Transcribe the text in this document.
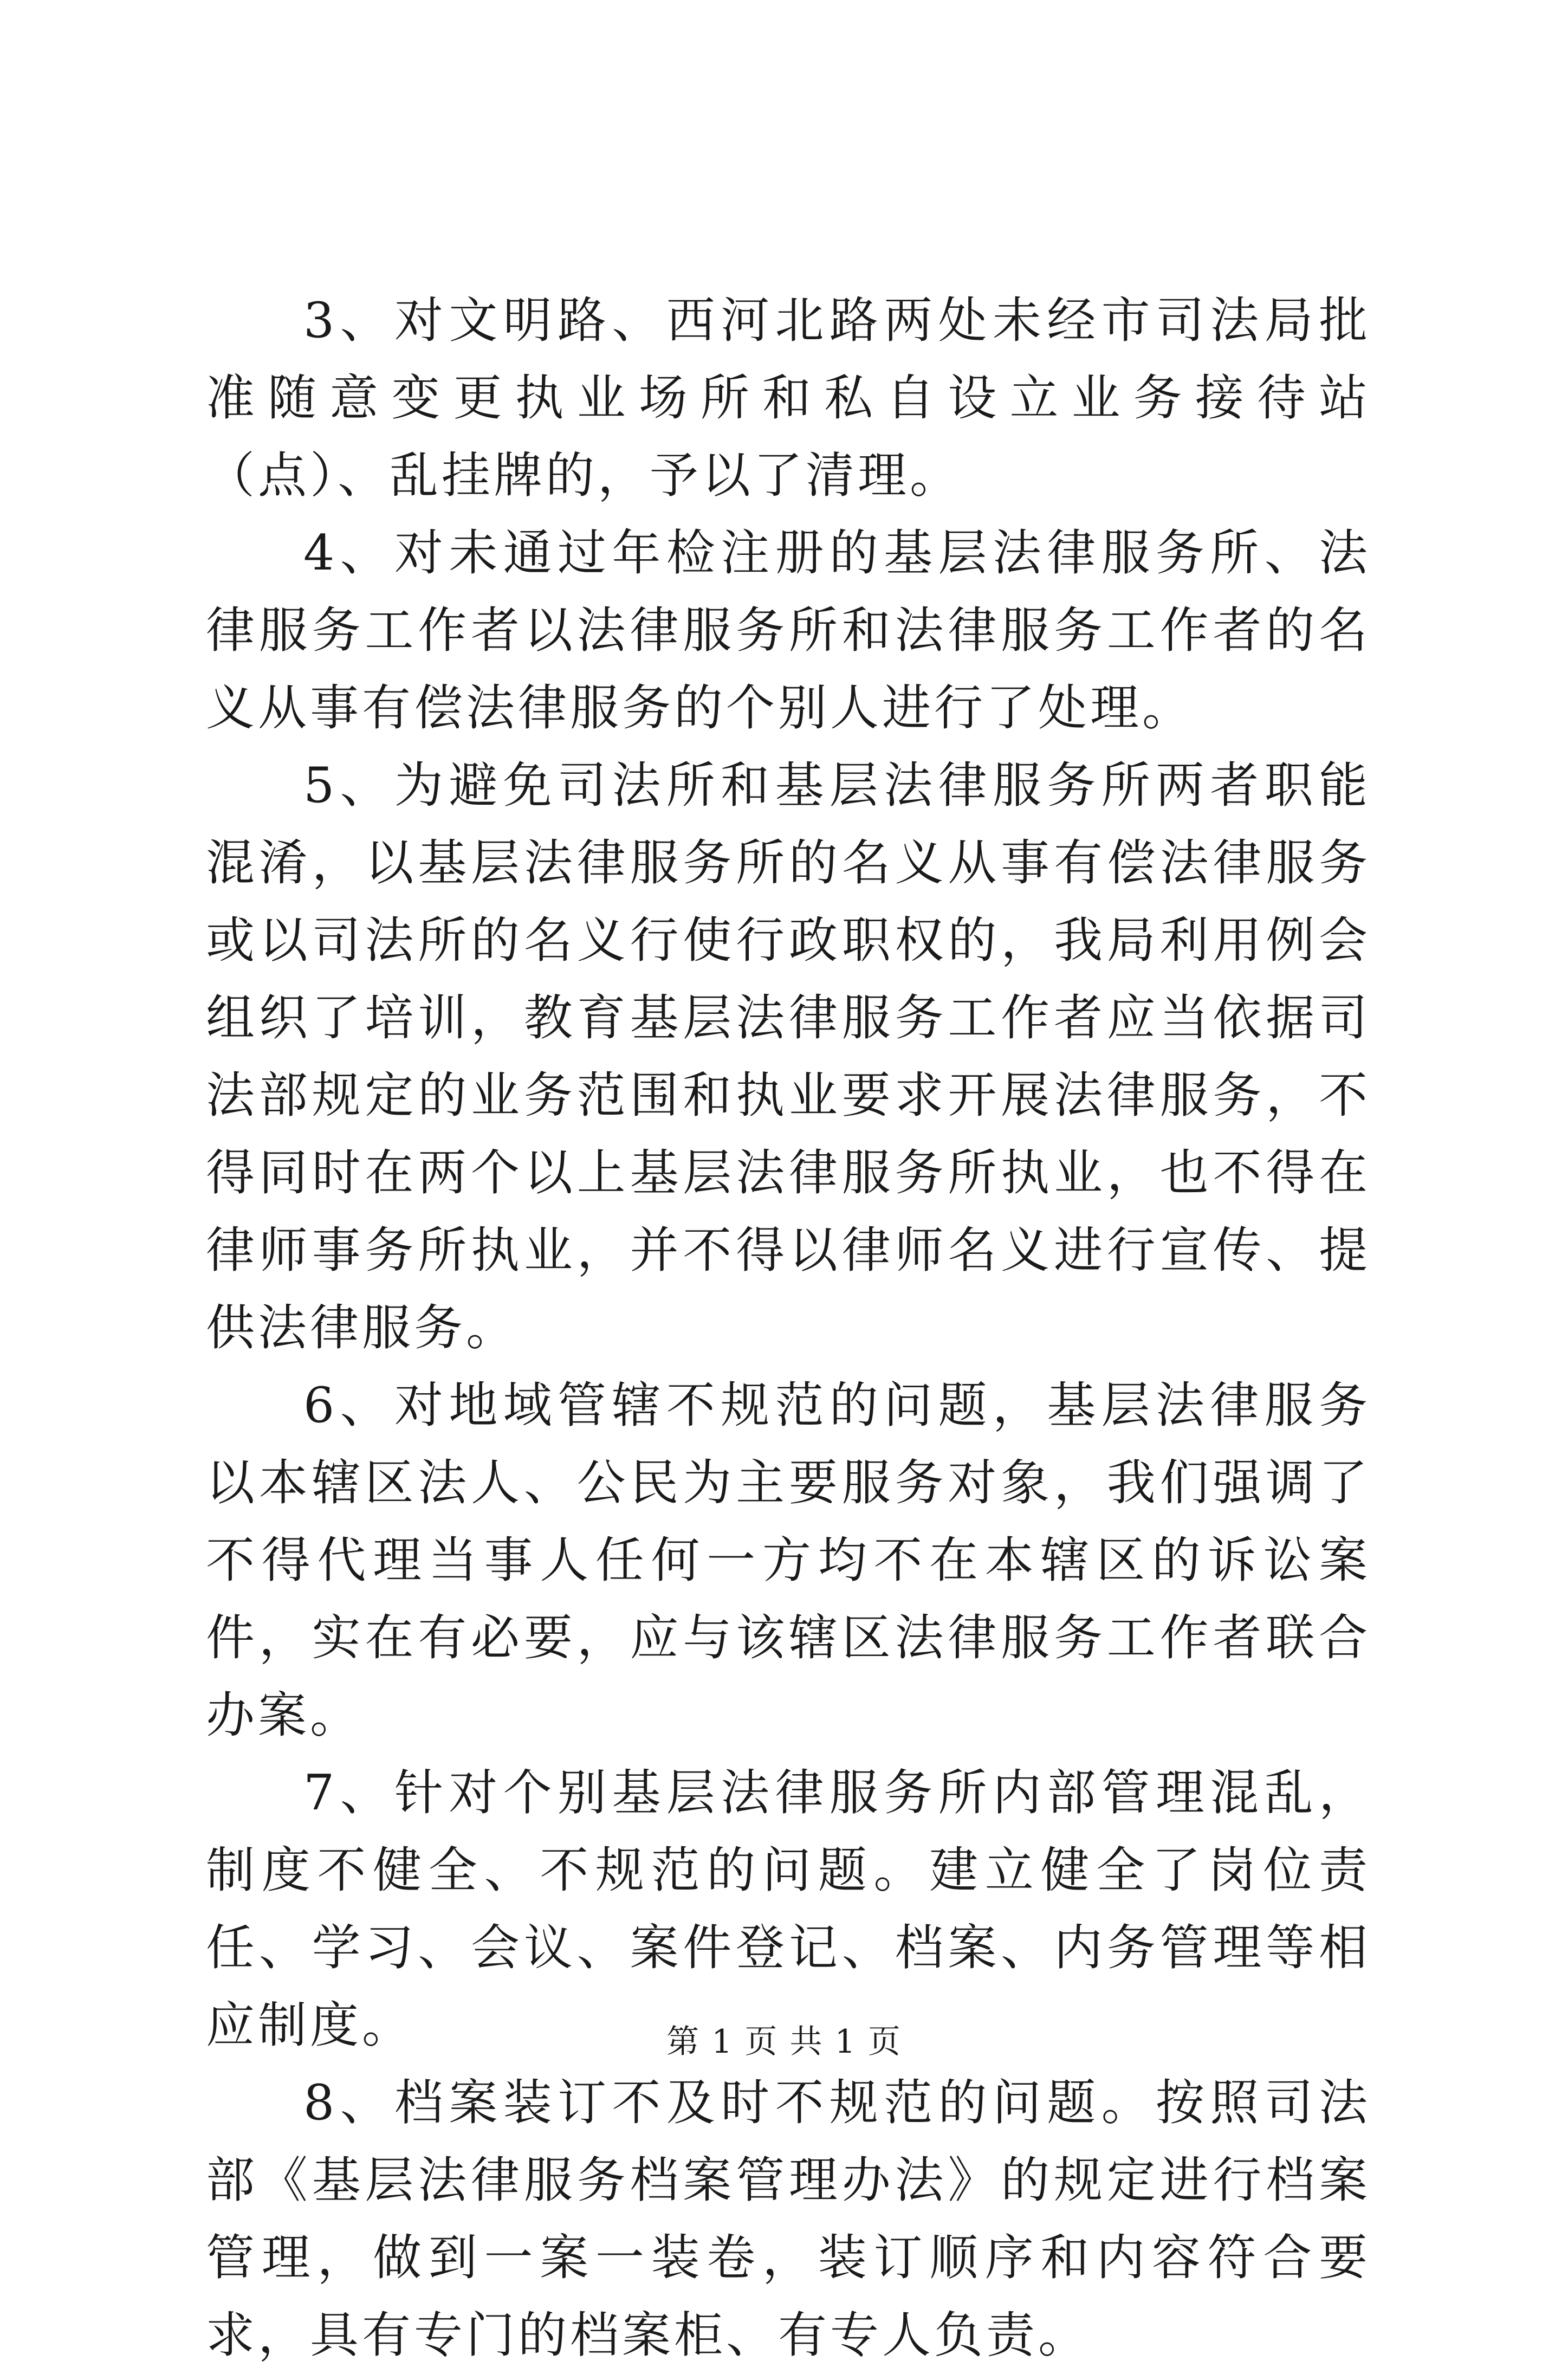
3、对文明路、西河北路两处未经市司法局批准随意变更执业场所和私自设立业务接待站（点）、乱挂牌的，予以了清理。

4、对未通过年检注册的基层法律服务所、法律服务工作者以法律服务所和法律服务工作者的名义从事有偿法律服务的个别人进行了处理。

5、为避免司法所和基层法律服务所两者职能混淆，以基层法律服务所的名义从事有偿法律服务或以司法所的名义行使行政职权的，我局利用例会组织了培训，教育基层法律服务工作者应当依据司法部规定的业务范围和执业要求开展法律服务，不得同时在两个以上基层法律服务所执业，也不得在律师事务所执业，并不得以律师名义进行宣传、提供法律服务。

6、对地域管辖不规范的问题，基层法律服务以本辖区法人、公民为主要服务对象，我们强调了不得代理当事人任何一方均不在本辖区的诉讼案件，实在有必要，应与该辖区法律服务工作者联合办案。

7、针对个别基层法律服务所内部管理混乱，制度不健全、不规范的问题。建立健全了岗位责任、学习、会议、案件登记、档案、内务管理等相应制度。

8、档案装订不及时不规范的问题。按照司法部《基层法律服务档案管理办法》的规定进行档案管理，做到一案一装卷，装订顺序和内容符合要求，具有专门的档案柜、有专人负责。

第 1 页 共 1 页
